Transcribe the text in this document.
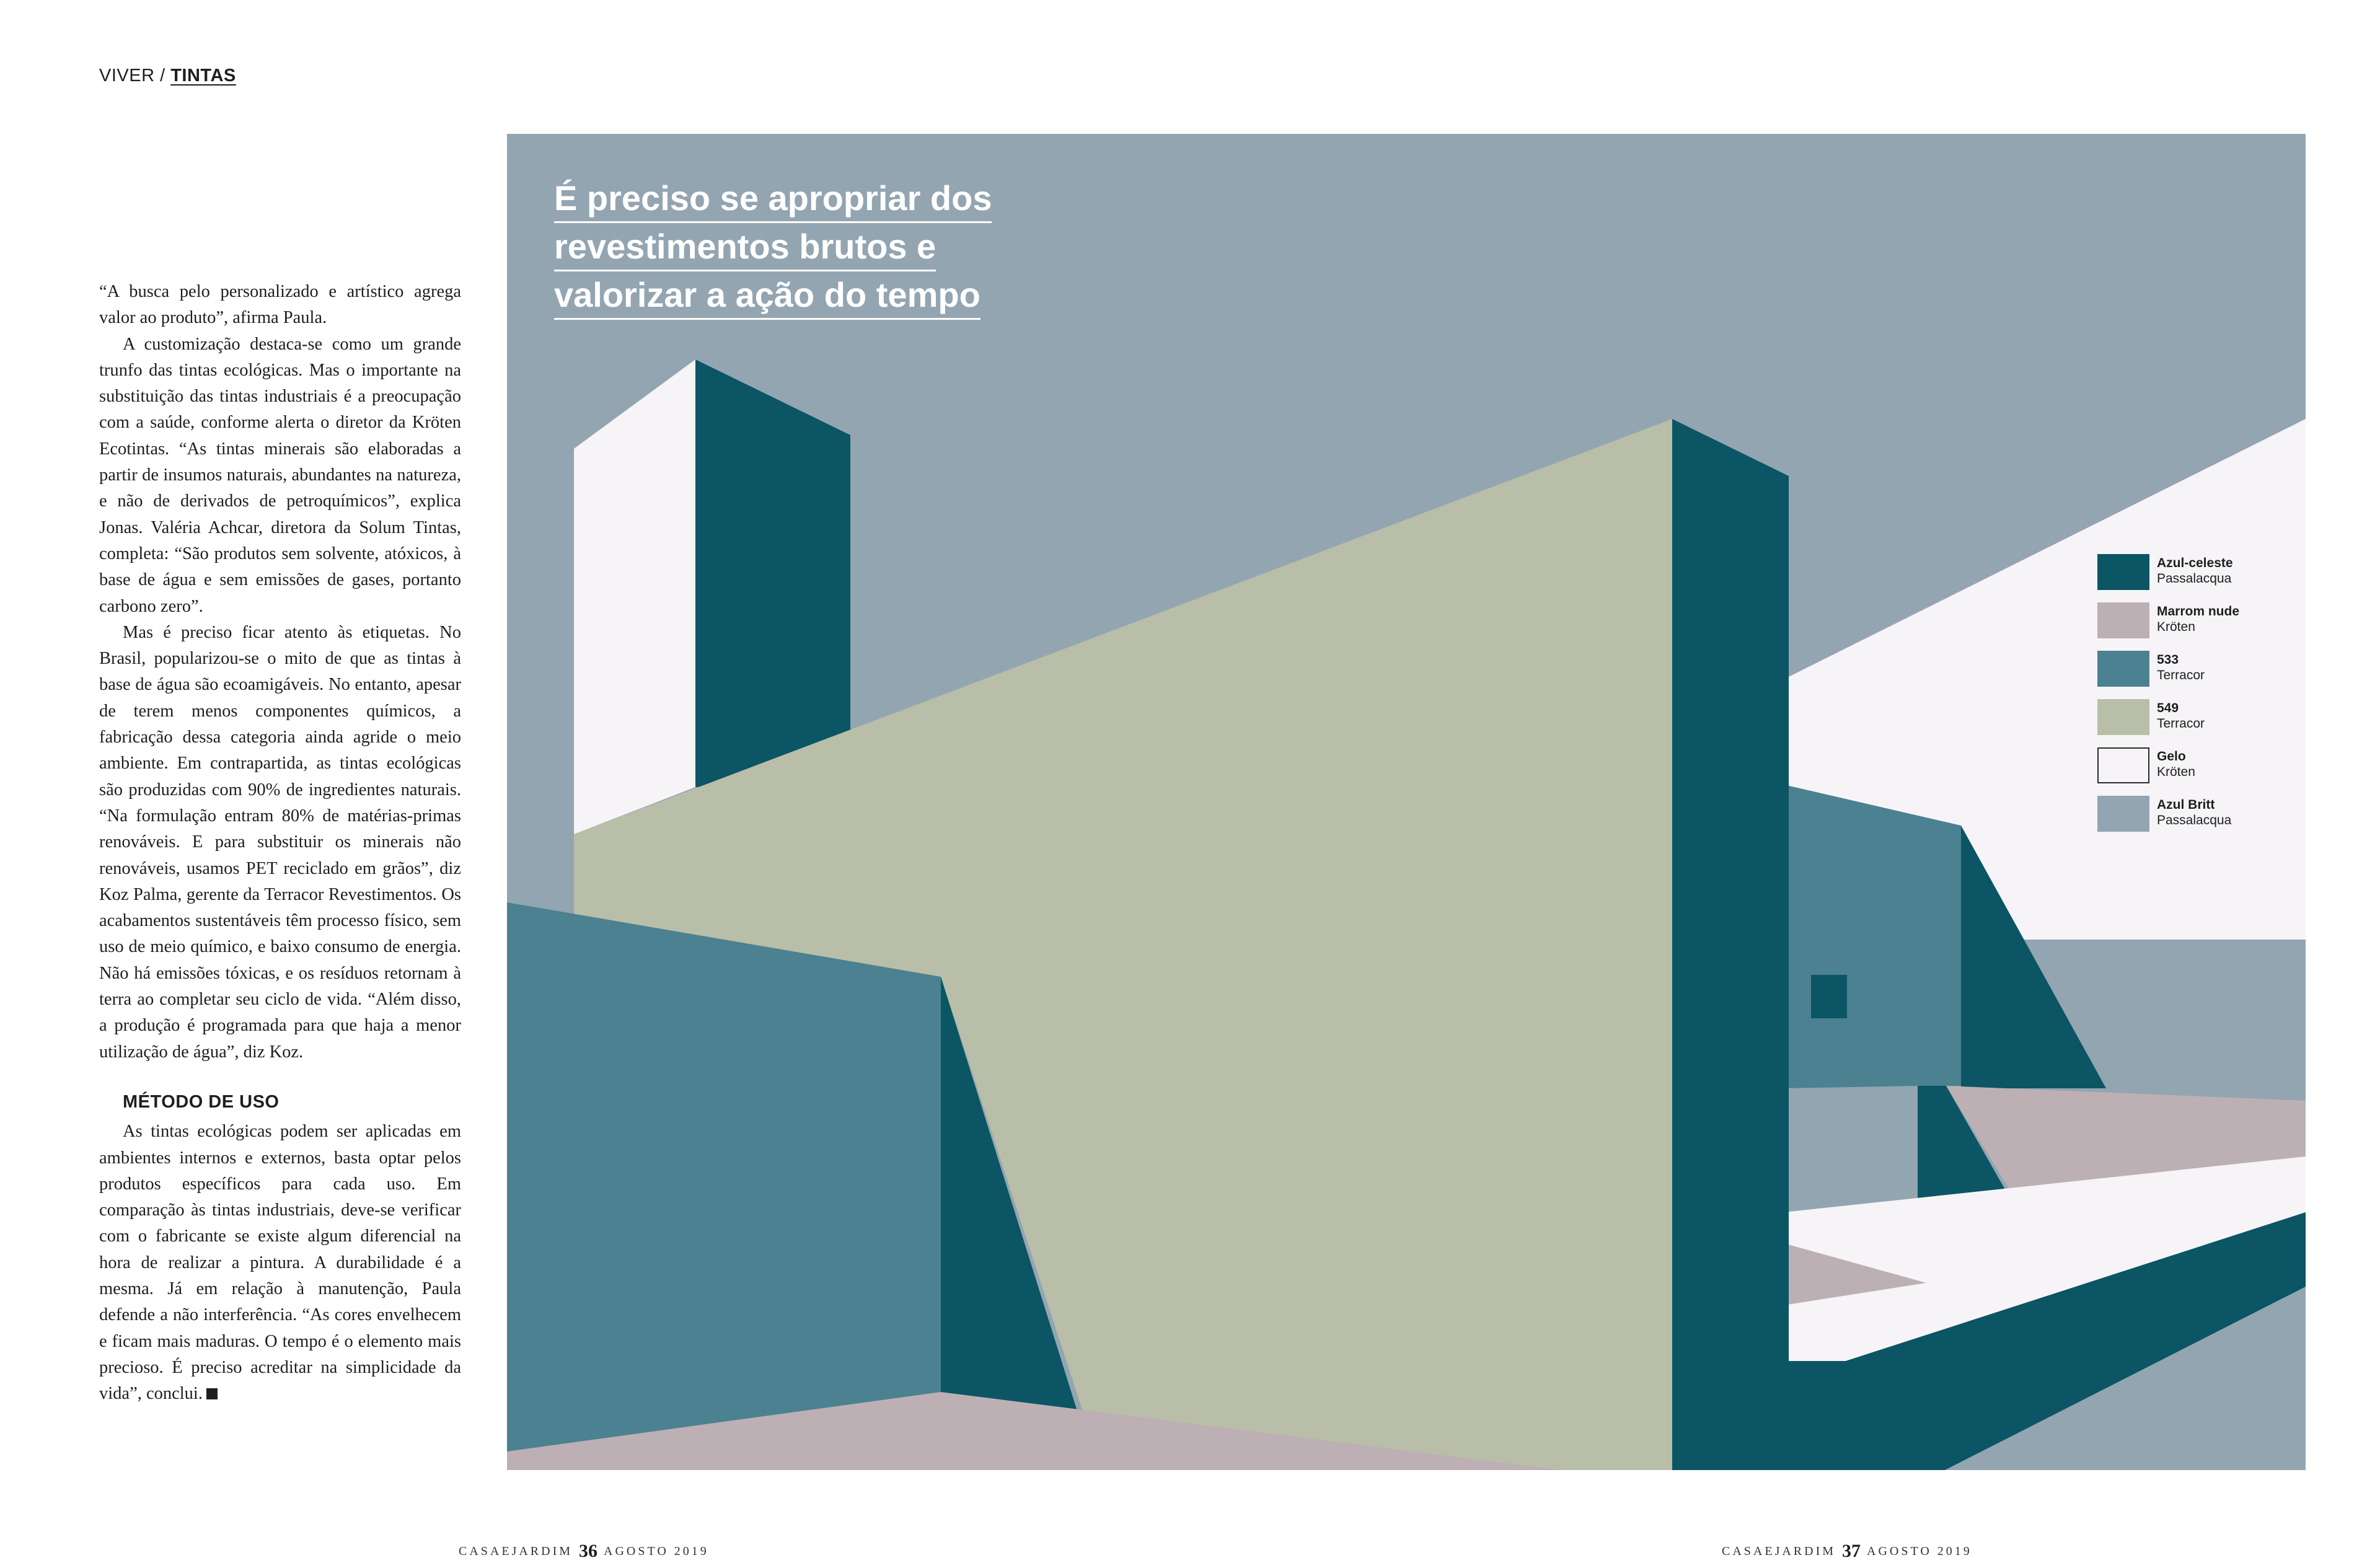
VIVER / TINTAS

“A busca pelo personalizado e artístico agrega valor ao produto”, afirma Paula.

A customização destaca-se como um grande trunfo das tintas ecológicas. Mas o importante na substituição das tintas industriais é a preocupação com a saúde, conforme alerta o diretor da Kröten Ecotintas. “As tintas minerais são elaboradas a partir de insumos naturais, abundantes na natureza, e não de derivados de petroquímicos”, explica Jonas. Valéria Achcar, diretora da Solum Tintas, completa: “São produtos sem solvente, atóxicos, à base de água e sem emissões de gases, portanto carbono zero”.

Mas é preciso ficar atento às etiquetas. No Brasil, popularizou-se o mito de que as tintas à base de água são ecoamigáveis. No entanto, apesar de terem menos componentes químicos, a fabricação dessa categoria ainda agride o meio ambiente. Em contrapartida, as tintas ecológicas são produzidas com 90% de ingredientes naturais. “Na formulação entram 80% de matérias-primas renováveis. E para substituir os minerais não renováveis, usamos PET reciclado em grãos”, diz Koz Palma, gerente da Terracor Revestimentos. Os acabamentos sustentáveis têm processo físico, sem uso de meio químico, e baixo consumo de energia. Não há emissões tóxicas, e os resíduos retornam à terra ao completar seu ciclo de vida. “Além disso, a produção é programada para que haja a menor utilização de água”, diz Koz.

MÉTODO DE USO

As tintas ecológicas podem ser aplicadas em ambientes internos e externos, basta optar pelos produtos específicos para cada uso. Em comparação às tintas industriais, deve-se verificar com o fabricante se existe algum diferencial na hora de realizar a pintura. A durabilidade é a mesma. Já em relação à manutenção, Paula defende a não interferência. “As cores envelhecem e ficam mais maduras. O tempo é o elemento mais precioso. É preciso acreditar na simplicidade da vida”, conclui.

É preciso se apropriar dos
revestimentos brutos e
valorizar a ação do tempo
Azul-celeste
Passalacqua
Marrom nude
Kröten
533
Terracor
549
Terracor
Gelo
Kröten
Azul Britt
Passalacqua
CASAEJARDIM 36 AGOSTO 2019	CASAEJARDIM 37 AGOSTO 2019
